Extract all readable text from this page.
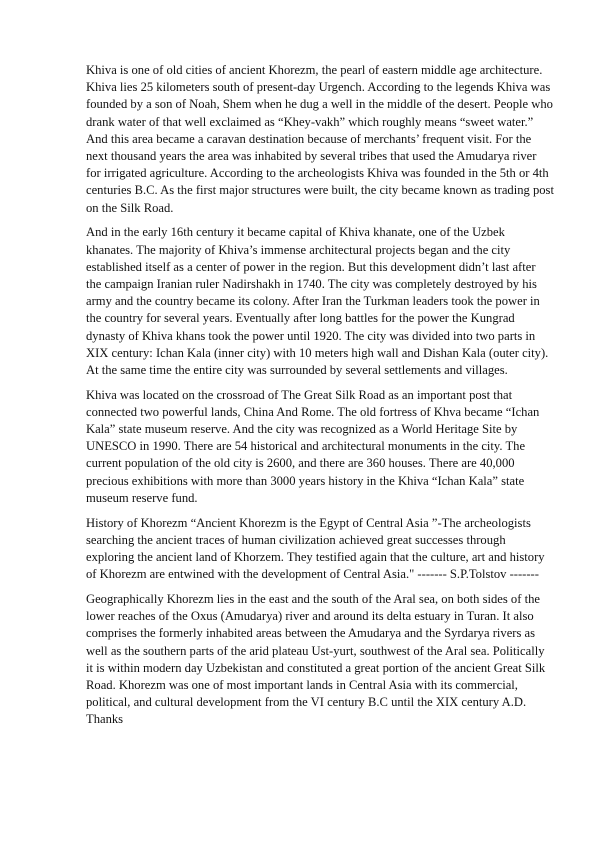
Khiva is one of old cities of ancient Khorezm, the pearl of eastern middle age architecture. Khiva lies 25 kilometers south of present-day Urgench. According to the legends Khiva was founded by a son of Noah, Shem when he dug a well in the middle of the desert. People who drank water of that well exclaimed as “Khey-vakh” which roughly means “sweet water.” And this area became a caravan destination because of merchants’ frequent visit. For the next thousand years the area was inhabited by several tribes that used the Amudarya river for irrigated agriculture. According to the archeologists Khiva was founded in the 5th or 4th centuries B.C. As the first major structures were built, the city became known as trading post on the Silk Road.

And in the early 16th century it became capital of Khiva khanate, one of the Uzbek khanates. The majority of Khiva’s immense architectural projects began and the city established itself as a center of power in the region. But this development didn’t last after the campaign Iranian ruler Nadirshakh in 1740. The city was completely destroyed by his army and the country became its colony. After Iran the Turkman leaders took the power in the country for several years. Eventually after long battles for the power the Kungrad dynasty of Khiva khans took the power until 1920. The city was divided into two parts in XIX century: Ichan Kala (inner city) with 10 meters high wall and Dishan Kala (outer city). At the same time the entire city was surrounded by several settlements and villages.

Khiva was located on the crossroad of The Great Silk Road as an important post that connected two powerful lands, China And Rome. The old fortress of Khva became “Ichan Kala” state museum reserve. And the city was recognized as a World Heritage Site by UNESCO in 1990. There are 54 historical and architectural monuments in the city. The current population of the old city is 2600, and there are 360 houses. There are 40,000 precious exhibitions with more than 3000 years history in the Khiva “Ichan Kala” state museum reserve fund.

History of Khorezm “Ancient Khorezm is the Egypt of Central Asia ”-The archeologists searching the ancient traces of human civilization achieved great successes through exploring the ancient land of Khorzem. They testified again that the culture, art and history of Khorezm are entwined with the development of Central Asia." ------- S.P.Tolstov -------

Geographically Khorezm lies in the east and the south of the Aral sea, on both sides of the lower reaches of the Oxus (Amudarya) river and around its delta estuary in Turan. It also comprises the formerly inhabited areas between the Amudarya and the Syrdarya rivers as well as the southern parts of the arid plateau Ust-yurt, southwest of the Aral sea. Politically it is within modern day Uzbekistan and constituted a great portion of the ancient Great Silk Road. Khorezm was one of most important lands in Central Asia with its commercial, political, and cultural development from the VI century B.C until the XIX century A.D. Thanks
